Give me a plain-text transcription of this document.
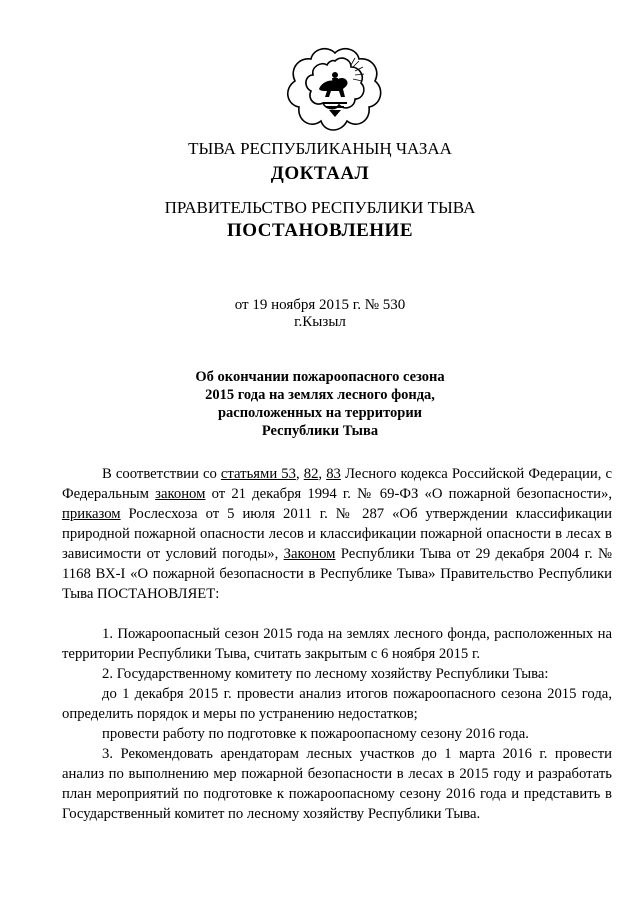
ТЫВА РЕСПУБЛИКАНЫҢ ЧАЗАА
ДОКТААЛ
ПРАВИТЕЛЬСТВО РЕСПУБЛИКИ ТЫВА
ПОСТАНОВЛЕНИЕ
от 19 ноября 2015 г. № 530
г.Кызыл
Об окончании пожароопасного сезона
2015 года на землях лесного фонда,
расположенных на территории
Республики Тыва

В соответствии со статьями 53, 82, 83 Лесного кодекса Российской Федерации, с Федеральным законом от 21 декабря 1994 г. № 69-ФЗ «О пожарной безопасности», приказом Рослесхоза от 5 июля 2011 г. № 287 «Об утверждении классификации природной пожарной опасности лесов и классификации пожарной опасности в лесах в зависимости от условий погоды», Законом Республики Тыва от 29 декабря 2004 г. № 1168 ВХ-I «О пожарной безопасности в Республике Тыва» Правительство Республики Тыва ПОСТАНОВЛЯЕТ:

1. Пожароопасный сезон 2015 года на землях лесного фонда, расположенных на территории Республики Тыва, считать закрытым с 6 ноября 2015 г.

2. Государственному комитету по лесному хозяйству Республики Тыва:

до 1 декабря 2015 г. провести анализ итогов пожароопасного сезона 2015 года, определить порядок и меры по устранению недостатков;

провести работу по подготовке к пожароопасному сезону 2016 года.

3. Рекомендовать арендаторам лесных участков до 1 марта 2016 г. провести анализ по выполнению мер пожарной безопасности в лесах в 2015 году и разработать план мероприятий по подготовке к пожароопасному сезону 2016 года и представить в Государственный комитет по лесному хозяйству Республики Тыва.
